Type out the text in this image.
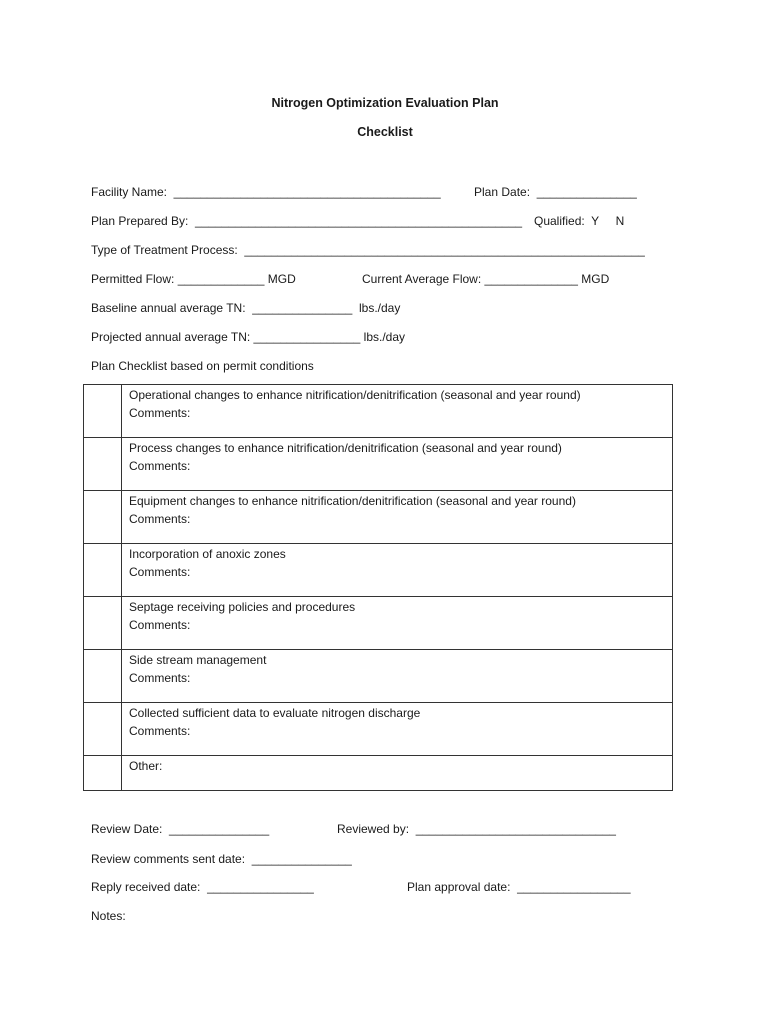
Nitrogen Optimization Evaluation Plan
Checklist
Facility Name:  ________________________________________	Plan Date:  _______________
Plan Prepared By:  _________________________________________________ Qualified:  Y     N
Type of Treatment Process:  ____________________________________________________________
Permitted Flow: _____________ MGD	Current Average Flow: ______________ MGD
Baseline annual average TN:  _______________  lbs./day
Projected annual average TN: ________________ lbs./day
Plan Checklist based on permit conditions

	Operational changes to enhance nitrification/denitrification (seasonal and year round)
Comments:

	Process changes to enhance nitrification/denitrification (seasonal and year round)
Comments:

	Equipment changes to enhance nitrification/denitrification (seasonal and year round)
Comments:

	Incorporation of anoxic zones
Comments:

	Septage receiving policies and procedures
Comments:

	Side stream management
Comments:

	Collected sufficient data to evaluate nitrogen discharge
Comments:

	Other:
Review Date:  _______________	Reviewed by:  ______________________________
Review comments sent date:  _______________
Reply received date:  ________________	Plan approval date:  _________________
Notes:
